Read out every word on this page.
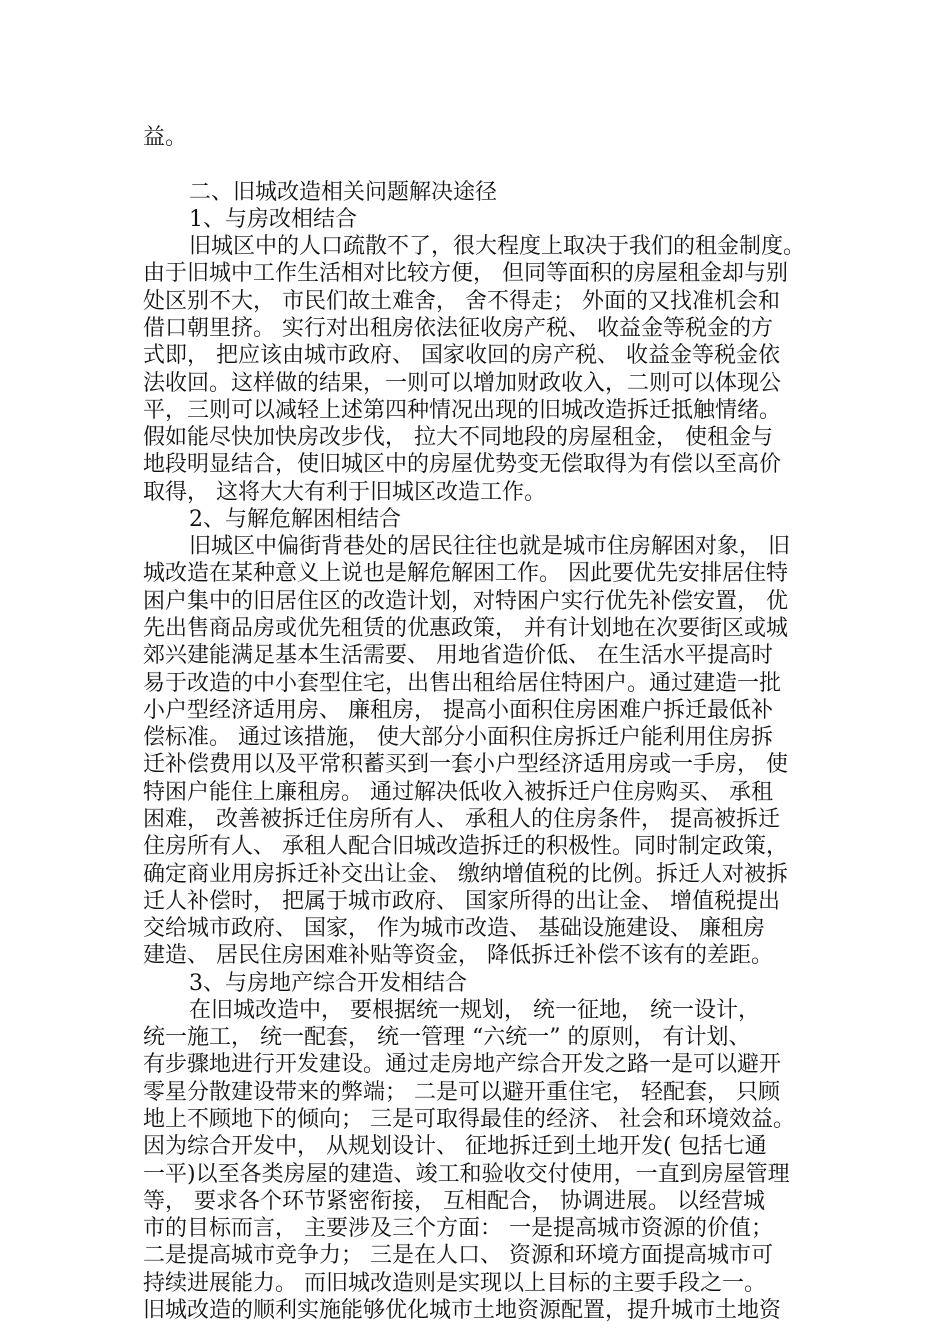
益。
二、旧城改造相关问题解决途径
1、与房改相结合
旧城区中的人口疏散不了，很大程度上取决于我们的租金制度。
由于旧城中工作生活相对比较方便， 但同等面积的房屋租金却与别
处区别不大， 市民们故土难舍， 舍不得走； 外面的又找准机会和
借口朝里挤。 实行对出租房依法征收房产税、 收益金等税金的方
式即， 把应该由城市政府、 国家收回的房产税、 收益金等税金依
法收回。这样做的结果，一则可以增加财政收入，二则可以体现公
平，三则可以减轻上述第四种情况出现的旧城改造拆迁抵触情绪。
假如能尽快加快房改步伐， 拉大不同地段的房屋租金， 使租金与
地段明显结合，使旧城区中的房屋优势变无偿取得为有偿以至高价
取得， 这将大大有利于旧城区改造工作。
2、与解危解困相结合
旧城区中偏街背巷处的居民往往也就是城市住房解困对象， 旧
城改造在某种意义上说也是解危解困工作。 因此要优先安排居住特
困户集中的旧居住区的改造计划，对特困户实行优先补偿安置， 优
先出售商品房或优先租赁的优惠政策， 并有计划地在次要街区或城
郊兴建能满足基本生活需要、 用地省造价低、 在生活水平提高时
易于改造的中小套型住宅，出售出租给居住特困户。通过建造一批
小户型经济适用房、 廉租房， 提高小面积住房困难户拆迁最低补
偿标准。 通过该措施， 使大部分小面积住房拆迁户能利用住房拆
迁补偿费用以及平常积蓄买到一套小户型经济适用房或一手房， 使
特困户能住上廉租房。 通过解决低收入被拆迁户住房购买、 承租
困难， 改善被拆迁住房所有人、 承租人的住房条件， 提高被拆迁
住房所有人、 承租人配合旧城改造拆迁的积极性。同时制定政策，
确定商业用房拆迁补交出让金、 缴纳增值税的比例。拆迁人对被拆
迁人补偿时， 把属于城市政府、 国家所得的出让金、 增值税提出
交给城市政府、 国家， 作为城市改造、 基础设施建设、 廉租房
建造、 居民住房困难补贴等资金， 降低拆迁补偿不该有的差距。
3、与房地产综合开发相结合
在旧城改造中， 要根据统一规划， 统一征地， 统一设计，
统一施工， 统一配套， 统一管理 “六统一” 的原则， 有计划、
有步骤地进行开发建设。通过走房地产综合开发之路一是可以避开
零星分散建设带来的弊端； 二是可以避开重住宅， 轻配套， 只顾
地上不顾地下的倾向； 三是可取得最佳的经济、 社会和环境效益。
因为综合开发中， 从规划设计、 征地拆迁到土地开发( 包括七通
一平)以至各类房屋的建造、竣工和验收交付使用，一直到房屋管理
等， 要求各个环节紧密衔接， 互相配合， 协调进展。 以经营城
市的目标而言， 主要涉及三个方面： 一是提高城市资源的价值；
二是提高城市竞争力； 三是在人口、 资源和环境方面提高城市可
持续进展能力。 而旧城改造则是实现以上目标的主要手段之一。
旧城改造的顺利实施能够优化城市土地资源配置，提升城市土地资
